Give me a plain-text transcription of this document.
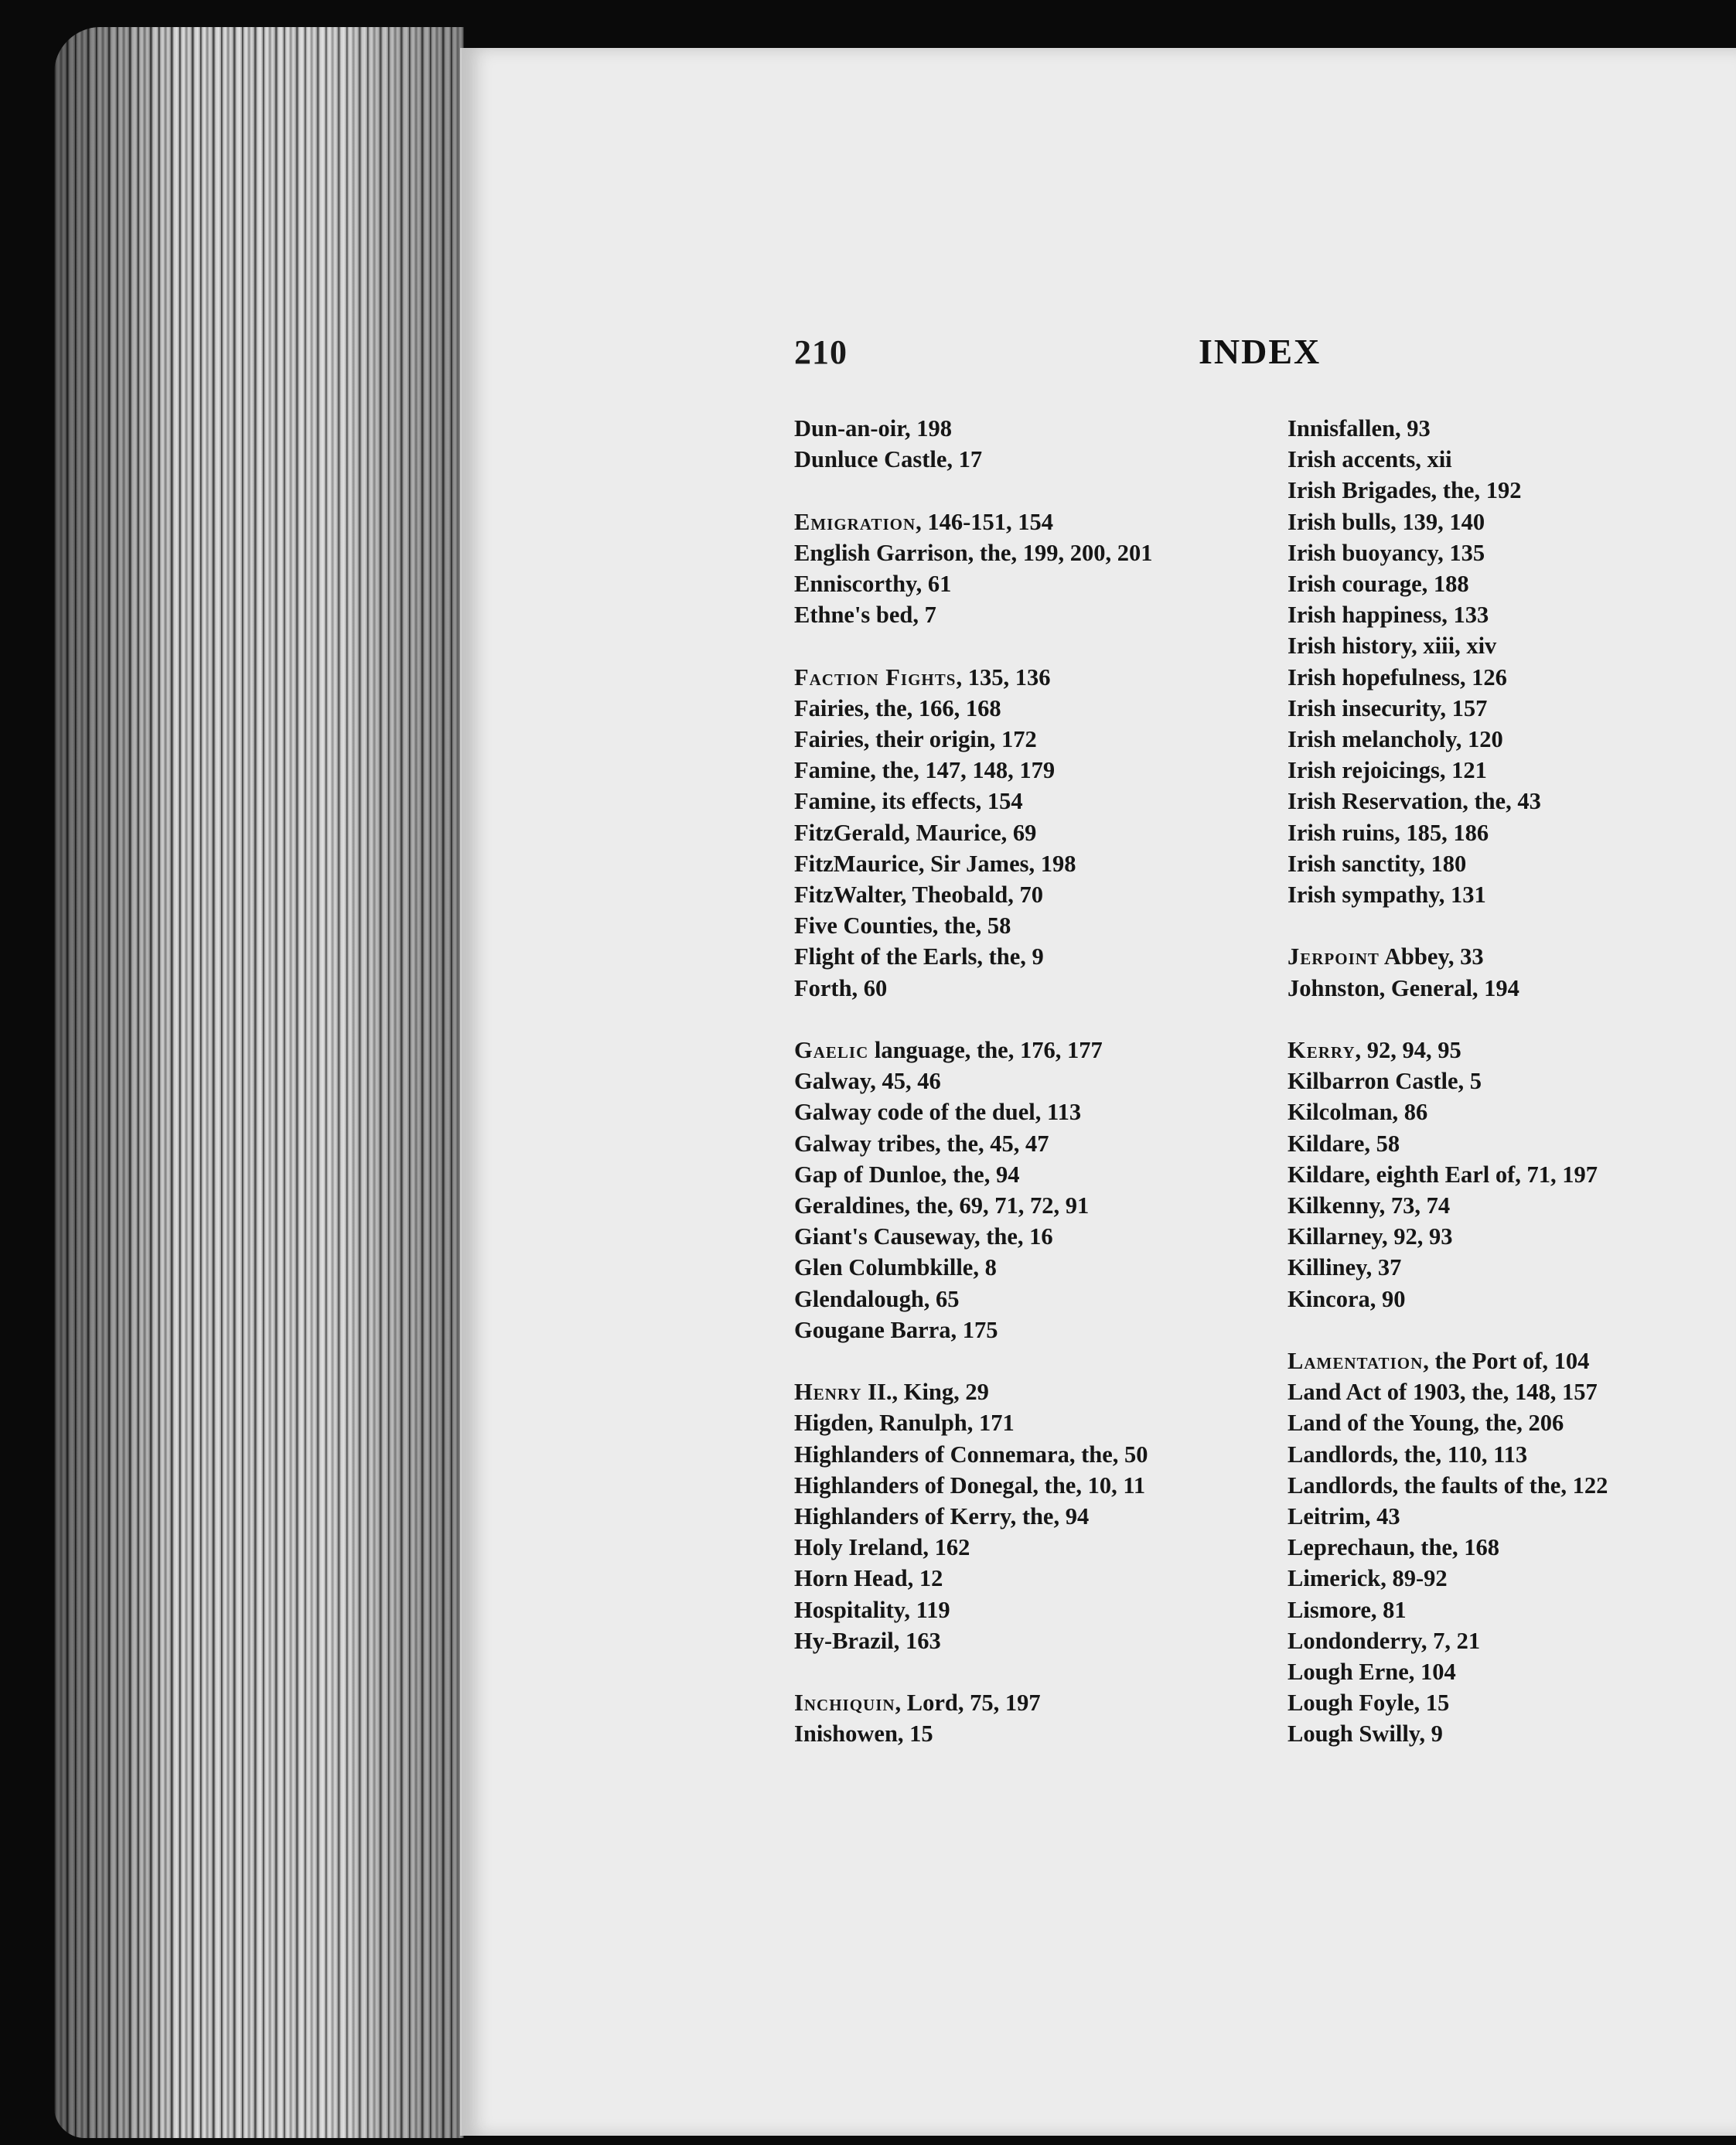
210	INDEX
Dun-an-oir, 198
Dunluce Castle, 17
Emigration, 146-151, 154
English Garrison, the, 199, 200, 201
Enniscorthy, 61
Ethne's bed, 7
Faction Fights, 135, 136
Fairies, the, 166, 168
Fairies, their origin, 172
Famine, the, 147, 148, 179
Famine, its effects, 154
FitzGerald, Maurice, 69
FitzMaurice, Sir James, 198
FitzWalter, Theobald, 70
Five Counties, the, 58
Flight of the Earls, the, 9
Forth, 60
Gaelic language, the, 176, 177
Galway, 45, 46
Galway code of the duel, 113
Galway tribes, the, 45, 47
Gap of Dunloe, the, 94
Geraldines, the, 69, 71, 72, 91
Giant's Causeway, the, 16
Glen Columbkille, 8
Glendalough, 65
Gougane Barra, 175
Henry II., King, 29
Higden, Ranulph, 171
Highlanders of Connemara, the, 50
Highlanders of Donegal, the, 10, 11
Highlanders of Kerry, the, 94
Holy Ireland, 162
Horn Head, 12
Hospitality, 119
Hy-Brazil, 163
Inchiquin, Lord, 75, 197
Inishowen, 15
Innisfallen, 93
Irish accents, xii
Irish Brigades, the, 192
Irish bulls, 139, 140
Irish buoyancy, 135
Irish courage, 188
Irish happiness, 133
Irish history, xiii, xiv
Irish hopefulness, 126
Irish insecurity, 157
Irish melancholy, 120
Irish rejoicings, 121
Irish Reservation, the, 43
Irish ruins, 185, 186
Irish sanctity, 180
Irish sympathy, 131
Jerpoint Abbey, 33
Johnston, General, 194
Kerry, 92, 94, 95
Kilbarron Castle, 5
Kilcolman, 86
Kildare, 58
Kildare, eighth Earl of, 71, 197
Kilkenny, 73, 74
Killarney, 92, 93
Killiney, 37
Kincora, 90
Lamentation, the Port of, 104
Land Act of 1903, the, 148, 157
Land of the Young, the, 206
Landlords, the, 110, 113
Landlords, the faults of the, 122
Leitrim, 43
Leprechaun, the, 168
Limerick, 89-92
Lismore, 81
Londonderry, 7, 21
Lough Erne, 104
Lough Foyle, 15
Lough Swilly, 9
